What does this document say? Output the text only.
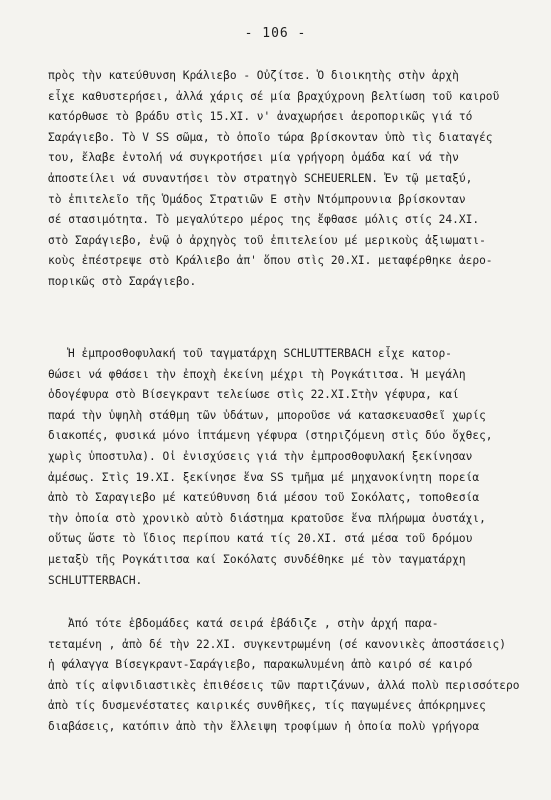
- 106 -
πρὸς τὴν κατεύθυνση Κράλιεβο - Οὐζίτσε. Ὁ διοικητὴς στὴν ἀρχὴ
εἶχε καθυστερήσει, ἀλλά χάρις σέ μία βραχύχρονη βελτίωση τοῦ καιροῦ
κατόρθωσε τὸ βράδυ στὶς 15.ΧΙ. ν' ἀναχωρήσει ἀεροπορικῶς γιά τό
Σαράγιεβο. Τὸ V SS σῶμα, τὸ ὁποῖο τώρα βρίσκονταν ὑπὸ τὶς διαταγές
του, ἔλαβε ἐντολή νά συγκροτήσει μία γρήγορη ὁμάδα καί νά τὴν
ἀποστείλει νά συναντήσει τὸν στρατηγὸ SCHEUERLEN. Ἐν τῷ μεταξύ,
τὸ ἐπιτελεῖο τῆς Ὁμάδος Στρατιῶν Ε στὴν Ντόμπρουνια βρίσκονταν
σέ στασιμότητα. Τὸ μεγαλύτερο μέρος της ἔφθασε μόλις στίς 24.ΧΙ.
στὸ Σαράγιεβο, ἐνῷ ὁ ἀρχηγὸς τοῦ ἐπιτελείου μέ μερικοὺς ἀξιωματι-
κοὺς ἐπέστρεψε στὸ Κράλιεβο ἀπ' ὅπου στὶς 20.ΧΙ. μεταφέρθηκε ἀερο-
πορικῶς στὸ Σαράγιεβο.
Ἡ ἐμπροσθοφυλακή τοῦ ταγματάρχη SCHLUTTERBACH εἶχε κατορ-
θώσει νά φθάσει τὴν ἐποχὴ ἐκείνη μέχρι τὴ Ρογκάτιτσα. Ἡ μεγάλη
ὁδογέφυρα στὸ Βίσεγκραντ τελείωσε στὶς 22.ΧΙ.Στὴν γέφυρα, καί
παρά τὴν ὑψηλὴ στάθμη τῶν ὑδάτων, μποροῦσε νά κατασκευασθεῖ χωρίς
διακοπές, φυσικά μόνο ἱπτάμενη γέφυρα (στηριζόμενη στὶς δύο ὄχθες,
χωρὶς ὑποστυλα). Οἱ ἐνισχύσεις γιά τὴν ἐμπροσθοφυλακή ξεκίνησαν
ἀμέσως. Στὶς 19.ΧΙ. ξεκίνησε ἕνα SS τμῆμα μέ μηχανοκίνητη πορεία
ἀπὸ τὸ Σαραγιεβο μέ κατεύθυνση διά μέσου τοῦ Σοκόλατς, τοποθεσία
τὴν ὁποία στὸ χρονικὸ αὐτὸ διάστημα κρατοῦσε ἕνα πλήρωμα ὀυστάχι,
οὕτως ὥστε τὸ ἴδιος περίπου κατά τίς 20.ΧΙ. στά μέσα τοῦ δρόμου
μεταξὺ τῆς Ρογκάτιτσα καί Σοκόλατς συνδέθηκε μέ τὸν ταγματάρχη
SCHLUTTERBACH.
Ἀπό τότε ἑβδομάδες κατά σειρά ἐβάδιζε , στὴν ἀρχή παρα-
τεταμένη , ἀπὸ δέ τὴν 22.ΧΙ. συγκεντρωμένη (σέ κανονικὲς ἀποστάσεις)
ἡ φάλαγγα Βίσεγκραντ-Σαράγιεβο, παρακωλυμένη ἀπὸ καιρό σέ καιρό
ἀπὸ τίς αἰφνιδιαστικὲς ἐπιθέσεις τῶν παρτιζάνων, ἀλλά πολὺ περισσότερο
ἀπὸ τίς δυσμενέστατες καιρικές συνθῆκες, τίς παγωμένες ἀπόκρημνες
διαβάσεις, κατόπιν ἀπὸ τὴν ἔλλειψη τροφίμων ἡ ὁποία πολὺ γρήγορα
